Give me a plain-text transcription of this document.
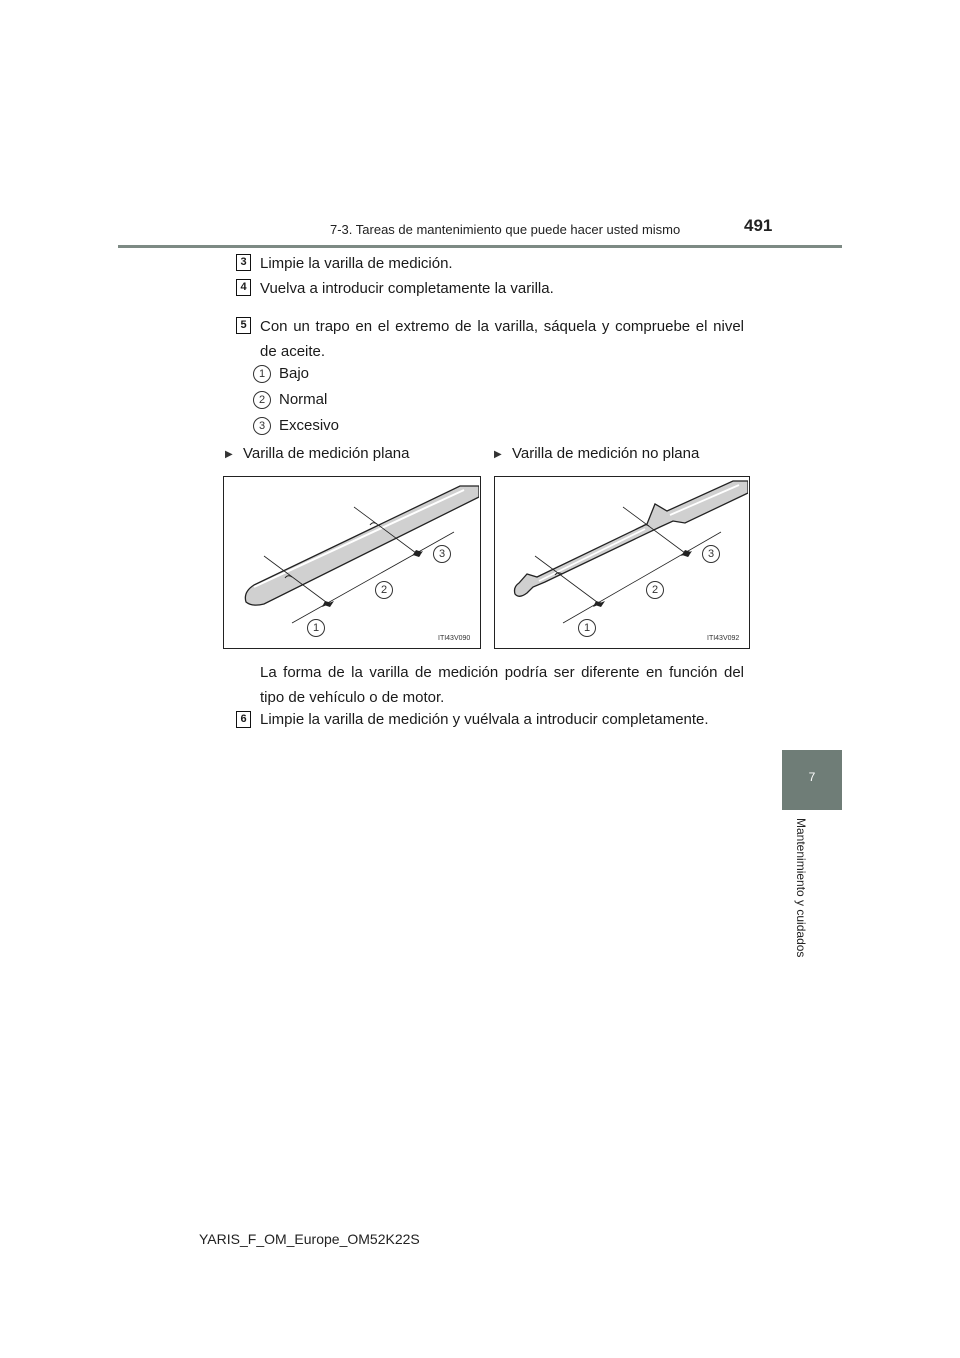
7-3. Tareas de mantenimiento que puede hacer usted mismo	491
7
Mantenimiento y cuidados
3 Limpie la varilla de medición.
4 Vuelva a introducir completamente la varilla.
5 Con un trapo en el extremo de la varilla, sáquela y compruebe el nivel de aceite.
1 Bajo
2 Normal
3 Excesivo
▶ Varilla de medición plana	▶ Varilla de medición no plana
1
2
3
ITI43V090
1
2
3
ITI43V092
La forma de la varilla de medición podría ser diferente en función del tipo de vehículo o de motor.
6 Limpie la varilla de medición y vuélvala a introducir completamente.
YARIS_F_OM_Europe_OM52K22S
